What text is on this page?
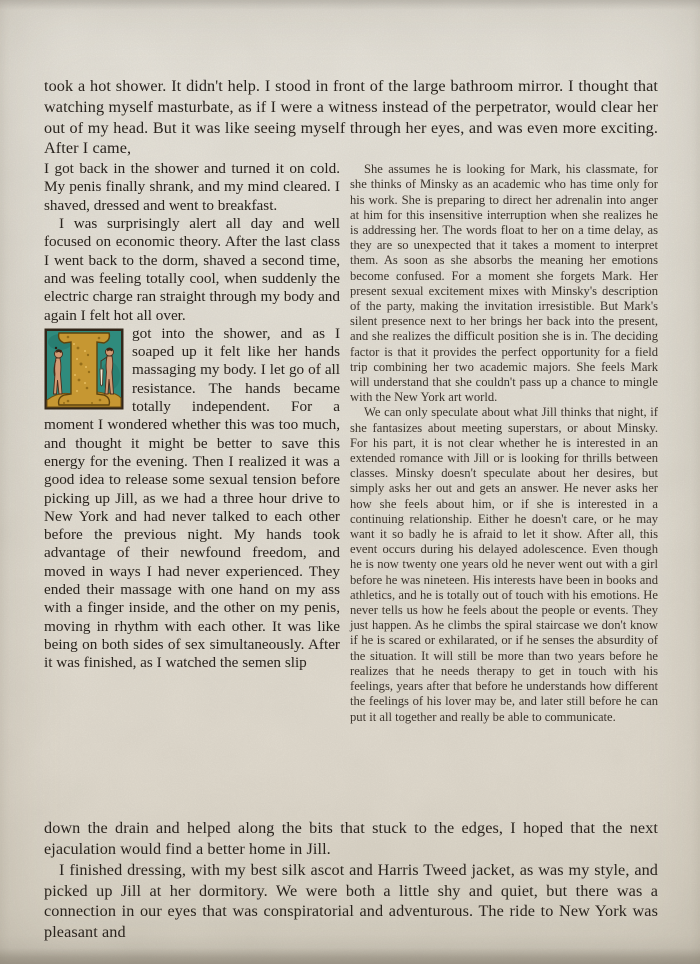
took a hot shower. It didn't help. I stood in front of the large bathroom mirror. I thought that watching myself masturbate, as if I were a witness instead of the perpetrator, would clear her out of my head. But it was like seeing myself through her eyes, and was even more exciting. After I came,

I got back in the shower and turned it on cold. My penis finally shrank, and my mind cleared. I shaved, dressed and went to breakfast.

I was surprisingly alert all day and well focused on economic theory. After the last class I went back to the dorm, shaved a second time, and was feeling totally cool, when suddenly the electric charge ran straight through my body and again I felt hot all over.

got into the shower, and as I soaped up it felt like her hands massaging my body. I let go of all resistance. The hands became totally independent. For a moment I wondered whether this was too much, and thought it might be better to save this energy for the evening. Then I realized it was a good idea to release some sexual tension before picking up Jill, as we had a three hour drive to New York and had never talked to each other before the previous night. My hands took advantage of their newfound freedom, and moved in ways I had never experienced. They ended their massage with one hand on my ass with a finger inside, and the other on my penis, moving in rhythm with each other. It was like being on both sides of sex simultaneously. After it was finished, as I watched the semen slip

She assumes he is looking for Mark, his classmate, for she thinks of Minsky as an academic who has time only for his work. She is preparing to direct her adrenalin into anger at him for this insensitive interruption when she realizes he is addressing her. The words float to her on a time delay, as they are so unexpected that it takes a moment to interpret them. As soon as she absorbs the meaning her emotions become confused. For a moment she forgets Mark. Her present sexual excitement mixes with Minsky's description of the party, making the invitation irresistible. But Mark's silent presence next to her brings her back into the present, and she realizes the difficult position she is in. The deciding factor is that it provides the perfect opportunity for a field trip combining her two academic majors. She feels Mark will understand that she couldn't pass up a chance to mingle with the New York art world.

We can only speculate about what Jill thinks that night, if she fantasizes about meeting superstars, or about Minsky. For his part, it is not clear whether he is interested in an extended romance with Jill or is looking for thrills between classes. Minsky doesn't speculate about her desires, but simply asks her out and gets an answer. He never asks her how she feels about him, or if she is interested in a continuing relationship. Either he doesn't care, or he may want it so badly he is afraid to let it show. After all, this event occurs during his delayed adolescence. Even though he is now twenty one years old he never went out with a girl before he was nineteen. His interests have been in books and athletics, and he is totally out of touch with his emotions. He never tells us how he feels about the people or events. They just happen. As he climbs the spiral staircase we don't know if he is scared or exhilarated, or if he senses the absurdity of the situation. It will still be more than two years before he realizes that he needs therapy to get in touch with his feelings, years after that before he understands how different the feelings of his lover may be, and later still before he can put it all together and really be able to communicate.

down the drain and helped along the bits that stuck to the edges, I hoped that the next ejaculation would find a better home in Jill.

I finished dressing, with my best silk ascot and Harris Tweed jacket, as was my style, and picked up Jill at her dormitory. We were both a little shy and quiet, but there was a connection in our eyes that was conspiratorial and adventurous. The ride to New York was pleasant and
